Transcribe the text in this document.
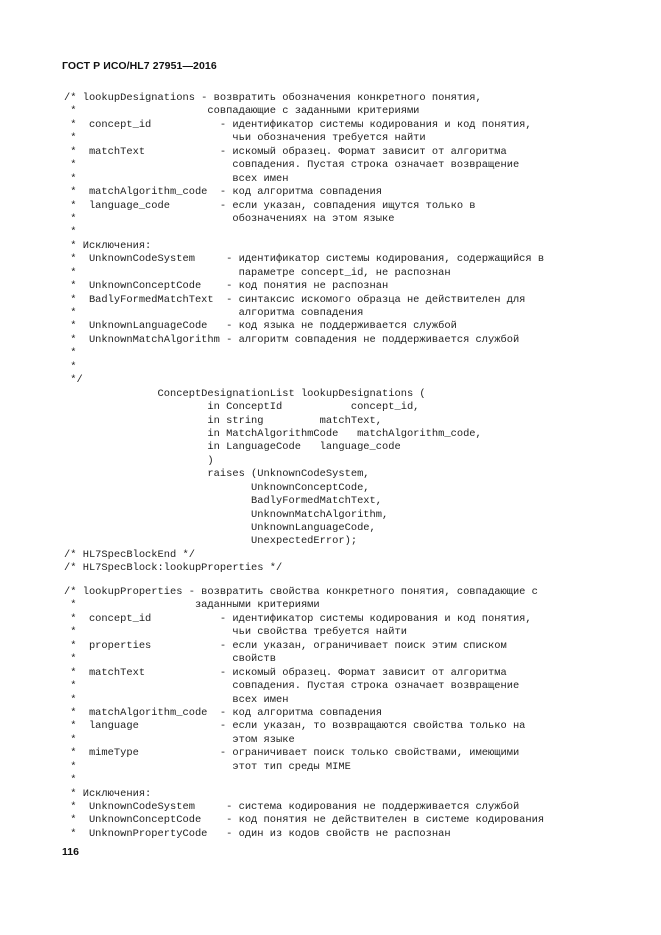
ГОСТ Р ИСО/HL7 27951—2016
/* lookupDesignations - возвратить обозначения конкретного понятия,
*                     совпадающие с заданными критериями
*  concept_id           - идентификатор системы кодирования и код понятия,
*                         чьи обозначения требуется найти
*  matchText            - искомый образец. Формат зависит от алгоритма
*                         совпадения. Пустая строка означает возвращение
*                         всех имен
*  matchAlgorithm_code  - код алгоритма совпадения
*  language_code        - если указан, совпадения ищутся только в
*                         обозначениях на этом языке
*
* Исключения:
*  UnknownCodeSystem     - идентификатор системы кодирования, содержащийся в
*                          параметре concept_id, не распознан
*  UnknownConceptCode    - код понятия не распознан
*  BadlyFormedMatchText  - синтаксис искомого образца не действителен для
*                          алгоритма совпадения
*  UnknownLanguageCode   - код языка не поддерживается службой
*  UnknownMatchAlgorithm - алгоритм совпадения не поддерживается службой
*
*
*/
ConceptDesignationList lookupDesignations (
in ConceptId           concept_id,
in string         matchText,
in MatchAlgorithmCode   matchAlgorithm_code,
in LanguageCode   language_code
)
raises (UnknownCodeSystem,
UnknownConceptCode,
BadlyFormedMatchText,
UnknownMatchAlgorithm,
UnknownLanguageCode,
UnexpectedError);
/* HL7SpecBlockEnd */
/* HL7SpecBlock:lookupProperties */
/* lookupProperties - возвратить свойства конкретного понятия, совпадающие с
*                   заданными критериями
*  concept_id           - идентификатор системы кодирования и код понятия,
*                         чьи свойства требуется найти
*  properties           - если указан, ограничивает поиск этим списком
*                         свойств
*  matchText            - искомый образец. Формат зависит от алгоритма
*                         совпадения. Пустая строка означает возвращение
*                         всех имен
*  matchAlgorithm_code  - код алгоритма совпадения
*  language             - если указан, то возвращаются свойства только на
*                         этом языке
*  mimeType             - ограничивает поиск только свойствами, имеющими
*                         этот тип среды MIME
*
* Исключения:
*  UnknownCodeSystem     - система кодирования не поддерживается службой
*  UnknownConceptCode    - код понятия не действителен в системе кодирования
*  UnknownPropertyCode   - один из кодов свойств не распознан
116
